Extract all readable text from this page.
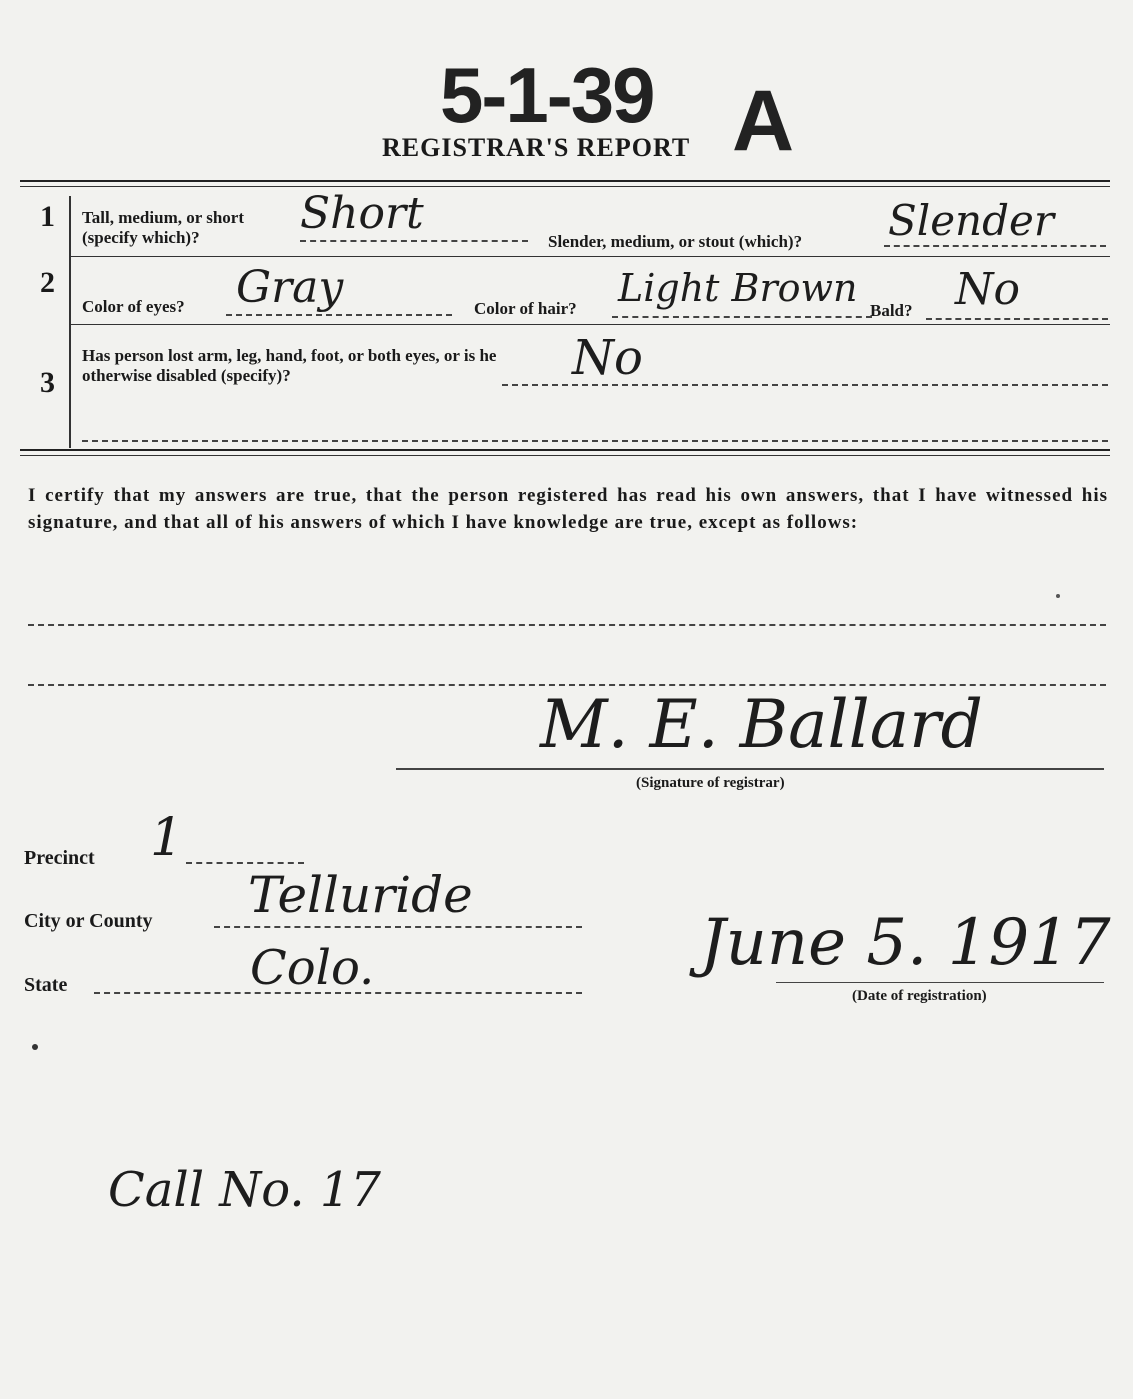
5-1-39 A
REGISTRAR'S REPORT
1 Tall, medium, or short (specify which)?	Short
Slender, medium, or stout (which)? Slender
2
Color of eyes? Gray	Color of hair? Light Brown
Bald? No
3
Has person lost arm, leg, hand, foot, or both eyes, or is he otherwise disabled (specify)?	No
I certify that my answers are true, that the person registered has read his own answers, that I have witnessed his signature, and that all of his answers of which I have knowledge are true, except as follows:
M. E. Ballard
(Signature of registrar)
Precinct 1
City or County Telluride
State	Colo.	June 5. 1917
(Date of registration)
Call No. 17
